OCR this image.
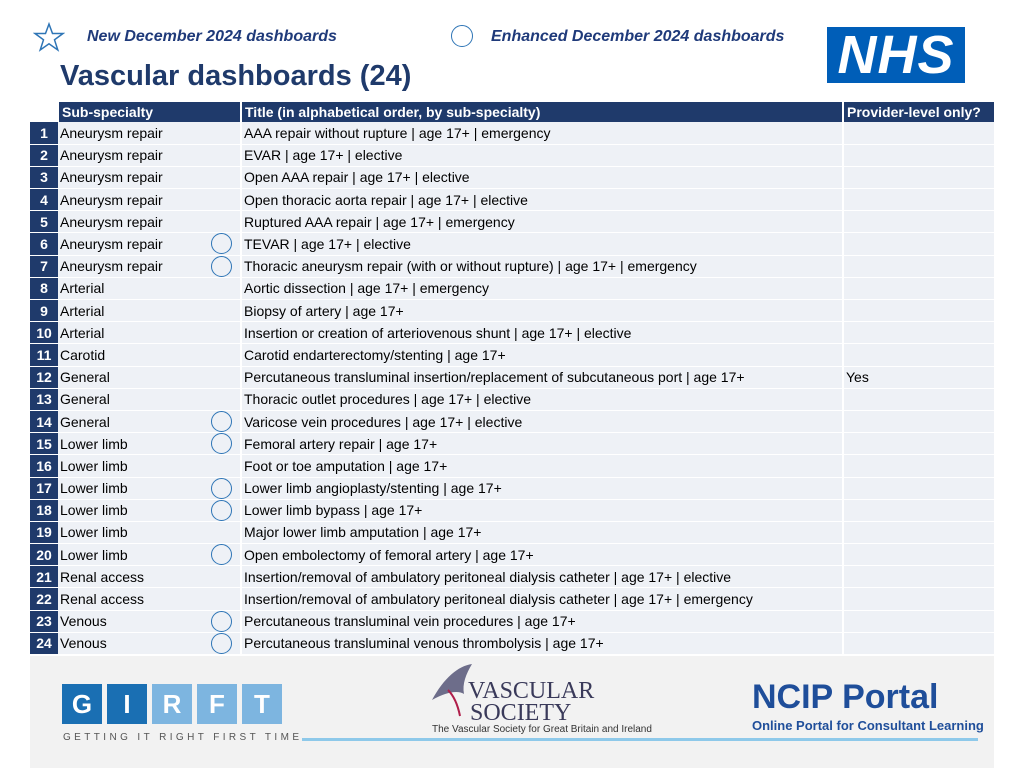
New December 2024 dashboards	Enhanced December 2024 dashboards NHS
Vascular dashboards (24)
	Sub-specialty	Title (in alphabetical order, by sub-specialty)	Provider-level only?
1	Aneurysm repair	AAA repair without rupture | age 17+ | emergency	
2	Aneurysm repair	EVAR | age 17+ | elective	
3	Aneurysm repair	Open AAA repair | age 17+ | elective	
4	Aneurysm repair	Open thoracic aorta repair | age 17+ | elective	
5	Aneurysm repair	Ruptured AAA repair | age 17+ | emergency	
6	Aneurysm repair	TEVAR | age 17+ | elective	
7	Aneurysm repair	Thoracic aneurysm repair (with or without rupture) | age 17+ | emergency	
8	Arterial	Aortic dissection | age 17+ | emergency	
9	Arterial	Biopsy of artery | age 17+	
10	Arterial	Insertion or creation of arteriovenous shunt | age 17+ | elective	
11	Carotid	Carotid endarterectomy/stenting | age 17+	
12	General	Percutaneous transluminal insertion/replacement of subcutaneous port | age 17+	Yes
13	General	Thoracic outlet procedures | age 17+ | elective	
14	General	Varicose vein procedures | age 17+ | elective	
15	Lower limb	Femoral artery repair | age 17+	
16	Lower limb	Foot or toe amputation | age 17+	
17	Lower limb	Lower limb angioplasty/stenting | age 17+	
18	Lower limb	Lower limb bypass | age 17+	
19	Lower limb	Major lower limb amputation | age 17+	
20	Lower limb	Open embolectomy of femoral artery | age 17+	
21	Renal access	Insertion/removal of ambulatory peritoneal dialysis catheter | age 17+ | elective	
22	Renal access	Insertion/removal of ambulatory peritoneal dialysis catheter | age 17+ | emergency	
23	Venous	Percutaneous transluminal vein procedures | age 17+	
24	Venous	Percutaneous transluminal venous thrombolysis | age 17+	
G I R F T
GETTING IT RIGHT FIRST TIME
VASCULAR
SOCIETY
The Vascular Society for Great Britain and Ireland
NCIP Portal
Online Portal for Consultant Learning
